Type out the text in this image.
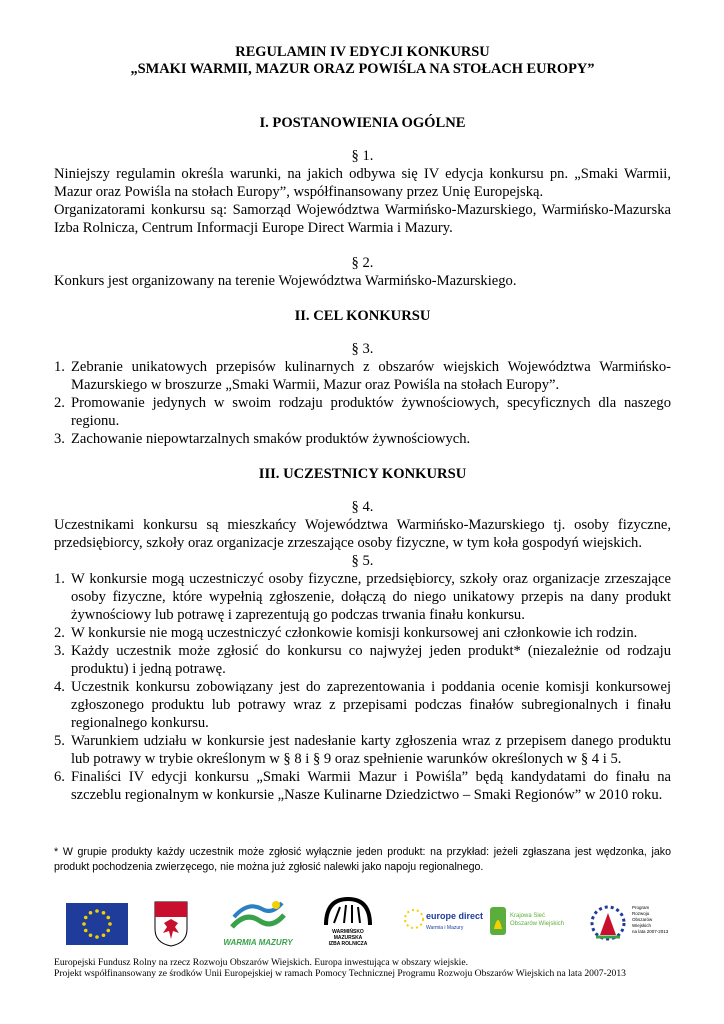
REGULAMIN IV EDYCJI KONKURSU

„SMAKI WARMII, MAZUR ORAZ POWIŚLA NA STOŁACH EUROPY”

I. POSTANOWIENIA OGÓLNE

§ 1.

Niniejszy regulamin określa warunki, na jakich odbywa się IV edycja konkursu pn. „Smaki Warmii, Mazur oraz Powiśla na stołach Europy”, współfinansowany przez Unię Europejską.

Organizatorami konkursu są: Samorząd Województwa Warmińsko-Mazurskiego, Warmińsko-Mazurska Izba Rolnicza, Centrum Informacji Europe Direct Warmia i Mazury.

§ 2.

Konkurs jest organizowany na terenie Województwa Warmińsko-Mazurskiego.

II. CEL KONKURSU

§ 3.

1. Zebranie unikatowych przepisów kulinarnych z obszarów wiejskich Województwa Warmińsko-Mazurskiego w broszurze „Smaki Warmii, Mazur oraz Powiśla na stołach Europy”.
2. Promowanie jedynych w swoim rodzaju produktów żywnościowych, specyficznych dla naszego regionu.
3. Zachowanie niepowtarzalnych smaków produktów żywnościowych.

III. UCZESTNICY KONKURSU

§ 4.

Uczestnikami konkursu są mieszkańcy Województwa Warmińsko-Mazurskiego tj. osoby fizyczne, przedsiębiorcy, szkoły oraz organizacje zrzeszające osoby fizyczne, w tym koła gospodyń wiejskich.

§ 5.

1. W konkursie mogą uczestniczyć osoby fizyczne, przedsiębiorcy, szkoły oraz organizacje zrzeszające osoby fizyczne, które wypełnią zgłoszenie, dołączą do niego unikatowy przepis na dany produkt żywnościowy lub potrawę i zaprezentują go podczas trwania finału konkursu.
2. W konkursie nie mogą uczestniczyć członkowie komisji konkursowej ani członkowie ich rodzin.
3. Każdy uczestnik może zgłosić do konkursu co najwyżej jeden produkt* (niezależnie od rodzaju produktu) i jedną potrawę.
4. Uczestnik konkursu zobowiązany jest do zaprezentowania i poddania ocenie komisji konkursowej zgłoszonego produktu lub potrawy wraz z przepisami podczas finałów subregionalnych i finału regionalnego konkursu.
5. Warunkiem udziału w konkursie jest nadesłanie karty zgłoszenia wraz z przepisem danego produktu lub potrawy w trybie określonym w § 8 i § 9 oraz spełnienie warunków określonych w § 4 i 5.
6. Finaliści IV edycji konkursu „Smaki Warmii Mazur i Powiśla” będą kandydatami do finału na szczeblu regionalnym w konkursie „Nasze Kulinarne Dziedzictwo – Smaki Regionów” w 2010 roku.

* W grupie produkty każdy uczestnik może zgłosić wyłącznie jeden produkt: na przykład: jeżeli zgłaszana jest wędzonka, jako produkt pochodzenia zwierzęcego, nie można już zgłosić nalewki jako napoju regionalnego.

WARMIA MAZURY
WARMIŃSKO
MAZURSKA
IZBA ROLNICZA
europe direct
Warmia i Mazury
Krajowa Sieć
Obszarów Wiejskich
Program
Rozwoju
Obszarów
Wiejskich
na lata 2007-2013
Europejski Fundusz Rolny na rzecz Rozwoju Obszarów Wiejskich. Europa inwestująca w obszary wiejskie.
Projekt współfinansowany ze środków Unii Europejskiej w ramach Pomocy Technicznej Programu Rozwoju Obszarów Wiejskich na lata 2007-2013
